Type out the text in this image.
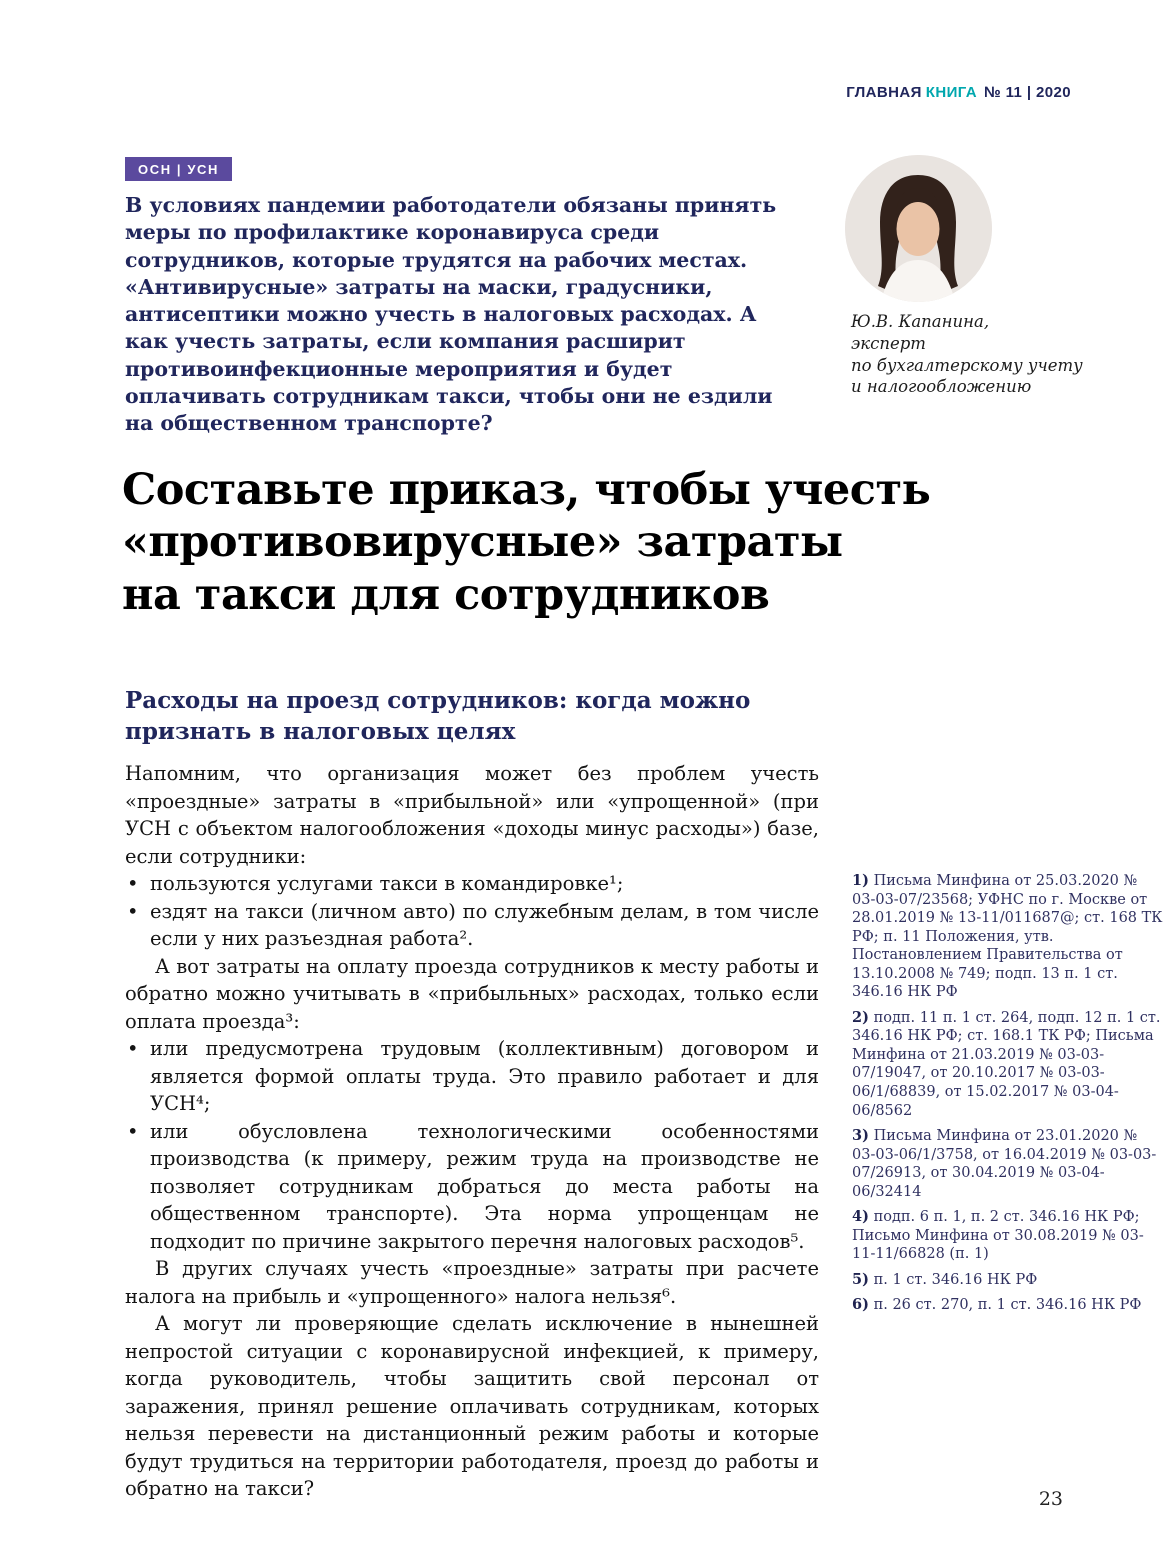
ГЛАВНАЯ КНИГА № 11 | 2020
ОСН | УСН
В условиях пандемии работодатели обязаны принять меры по профилактике коронавируса среди сотрудников, которые трудятся на рабочих местах. «Антивирусные» затраты на маски, градусники, антисептики можно учесть в налоговых расходах. А как учесть затраты, если компания расширит противоинфекционные мероприятия и будет оплачивать сотрудникам такси, чтобы они не ездили на общественном транспорте?
Ю.В. Капанина,
эксперт
по бухгалтерскому учету
и налогообложению
Составьте приказ, чтобы учесть
«противовирусные» затраты
на такси для сотрудников
Расходы на проезд сотрудников: когда можно признать в налоговых целях

Напомним, что организация может без проблем учесть «проездные» затраты в «прибыльной» или «упрощенной» (при УСН с объектом налогообложения «доходы минус расходы») базе, если сотрудники:

• пользуются услугами такси в командировке¹;
• ездят на такси (личном авто) по служебным делам, в том числе если у них разъездная работа².

А вот затраты на оплату проезда сотрудников к месту работы и обратно можно учитывать в «прибыльных» расходах, только если оплата проезда³:

• или предусмотрена трудовым (коллективным) договором и является формой оплаты труда. Это правило работает и для УСН⁴;
• или обусловлена технологическими особенностями производства (к примеру, режим труда на производстве не позволяет сотрудникам добраться до места работы на общественном транспорте). Эта норма упрощенцам не подходит по причине закрытого перечня налоговых расходов⁵.

В других случаях учесть «проездные» затраты при расчете налога на прибыль и «упрощенного» налога нельзя⁶.

А могут ли проверяющие сделать исключение в нынешней непростой ситуации с коронавирусной инфекцией, к примеру, когда руководитель, чтобы защитить свой персонал от заражения, принял решение оплачивать сотрудникам, которых нельзя перевести на дистанционный режим работы и которые будут трудиться на территории работодателя, проезд до работы и обратно на такси?

1) Письма Минфина от 25.03.2020 № 03-03-07/23568; УФНС по г. Москве от 28.01.2019 № 13-11/011687@; ст. 168 ТК РФ; п. 11 Положения, утв. Постановлением Правительства от 13.10.2008 № 749; подп. 13 п. 1 ст. 346.16 НК РФ
2) подп. 11 п. 1 ст. 264, подп. 12 п. 1 ст. 346.16 НК РФ; ст. 168.1 ТК РФ; Письма Минфина от 21.03.2019 № 03-03-07/19047, от 20.10.2017 № 03-03-06/1/68839, от 15.02.2017 № 03-04-06/8562
3) Письма Минфина от 23.01.2020 № 03-03-06/1/3758, от 16.04.2019 № 03-03-07/26913, от 30.04.2019 № 03-04-06/32414
4) подп. 6 п. 1, п. 2 ст. 346.16 НК РФ; Письмо Минфина от 30.08.2019 № 03-11-11/66828 (п. 1)
5) п. 1 ст. 346.16 НК РФ
6) п. 26 ст. 270, п. 1 ст. 346.16 НК РФ
23
